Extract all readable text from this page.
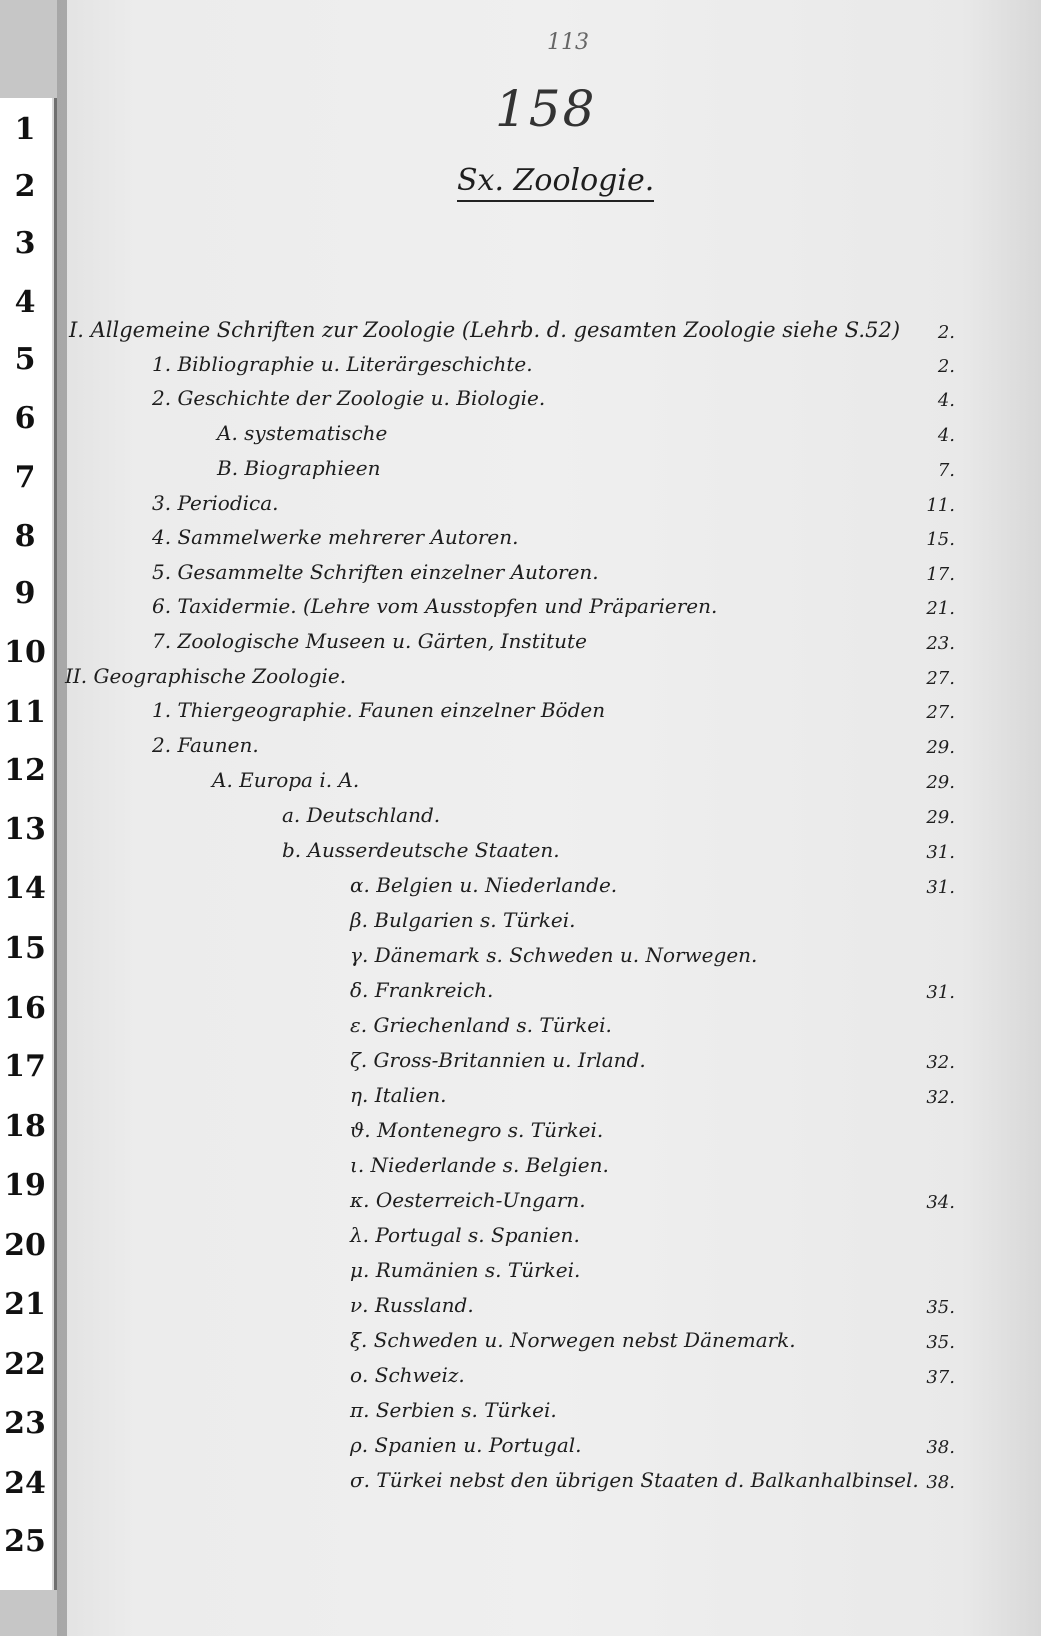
1
2
3
4
5
6
7
8
9
10
11
12
13
14
15
16
17
18
19
20
21
22
23
24
25
113
158
Sx. Zoologie.
I. Allgemeine Schriften zur Zoologie (Lehrb. d. gesamten Zoologie siehe S.52)	2.
1. Bibliographie u. Literärgeschichte.	2.
2. Geschichte der Zoologie u. Biologie.	4.
A. systematische	4.
B. Biographieen	7.
3. Periodica.	11.
4. Sammelwerke mehrerer Autoren.	15.
5. Gesammelte Schriften einzelner Autoren.	17.
6. Taxidermie. (Lehre vom Ausstopfen und Präparieren.	21.
7. Zoologische Museen u. Gärten, Institute	23.
II. Geographische Zoologie.	27.
1. Thiergeographie. Faunen einzelner Böden	27.
2. Faunen.	29.
A. Europa i. A.	29.
a. Deutschland.	29.
b. Ausserdeutsche Staaten.	31.
α. Belgien u. Niederlande.	31.
β. Bulgarien s. Türkei.
γ. Dänemark s. Schweden u. Norwegen.
δ. Frankreich.	31.
ε. Griechenland s. Türkei.
ζ. Gross-Britannien u. Irland.	32.
η. Italien.	32.
ϑ. Montenegro s. Türkei.
ι. Niederlande s. Belgien.
κ. Oesterreich-Ungarn.	34.
λ. Portugal s. Spanien.
μ. Rumänien s. Türkei.
ν. Russland.	35.
ξ. Schweden u. Norwegen nebst Dänemark.	35.
ο. Schweiz.	37.
π. Serbien s. Türkei.
ρ. Spanien u. Portugal.	38.
σ. Türkei nebst den übrigen Staaten d. Balkanhalbinsel. 38.
